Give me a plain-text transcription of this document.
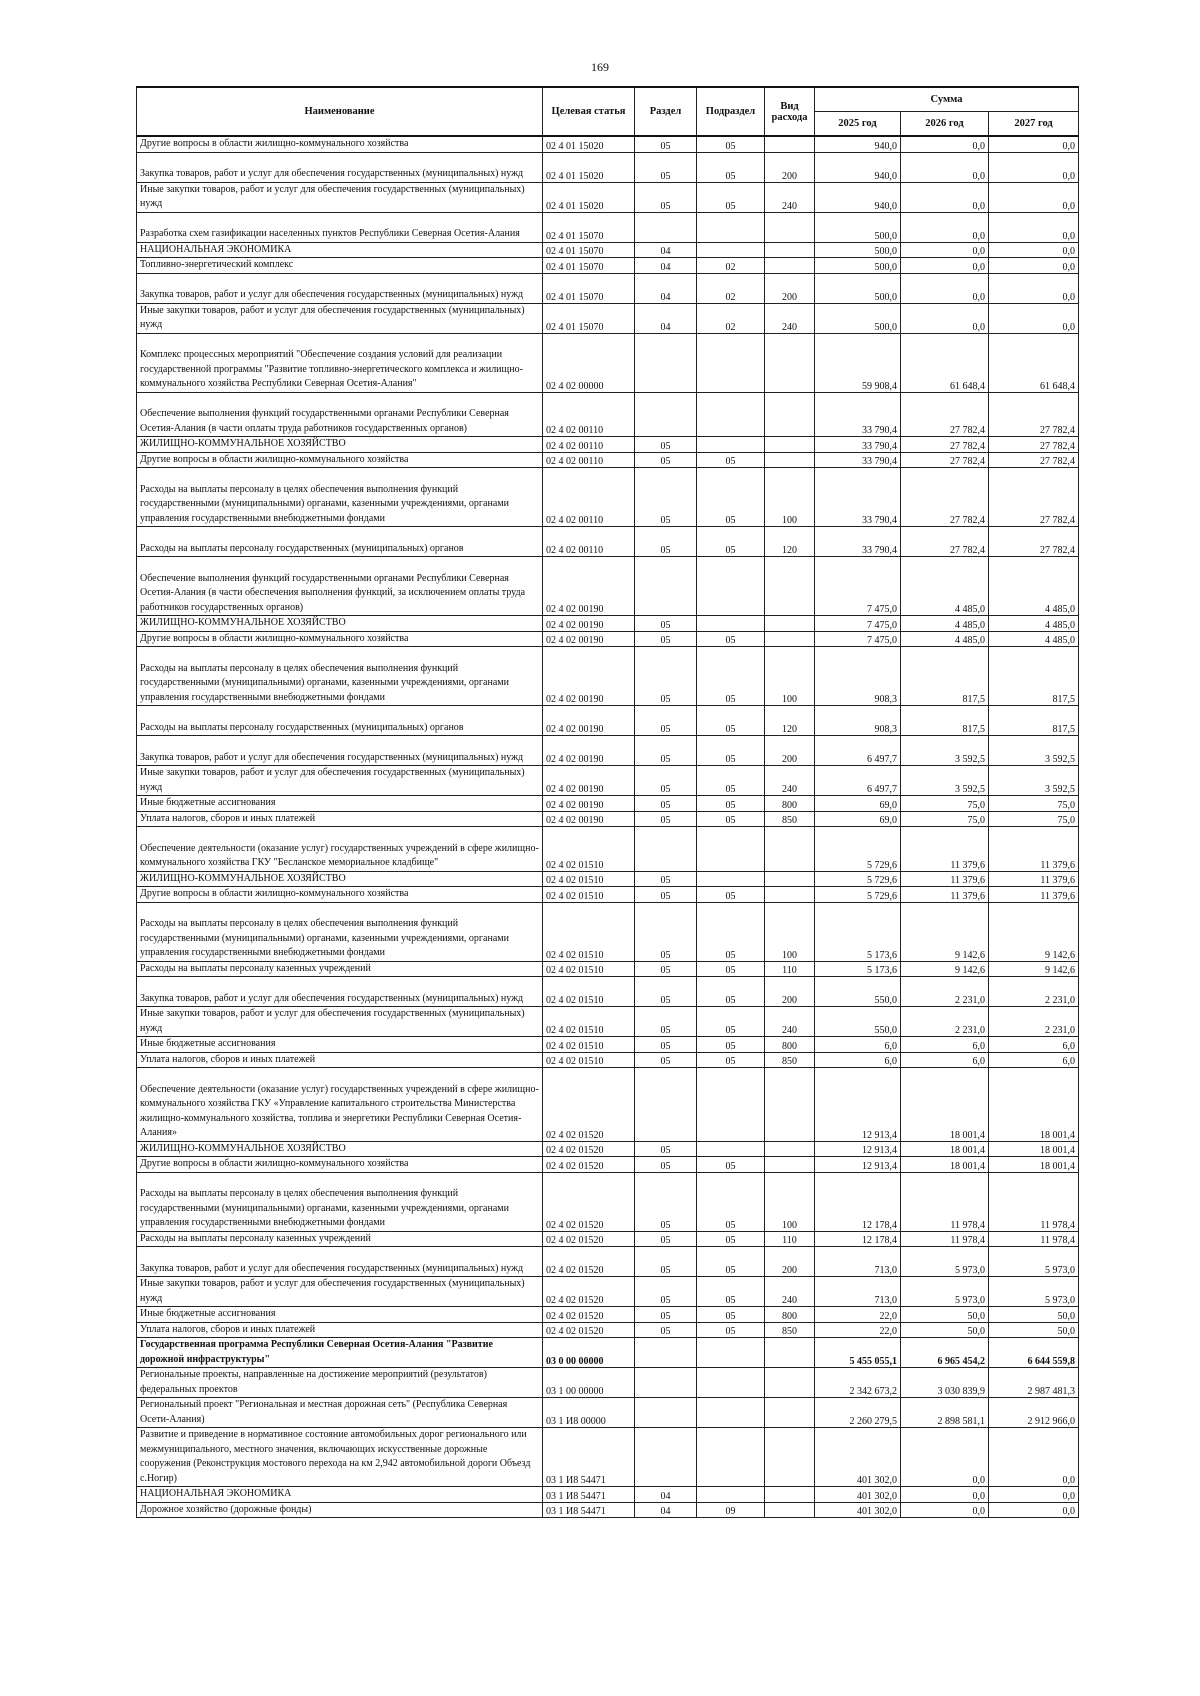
169
Наименование	Целевая статья	Раздел	Подраздел	Вид расхода	Сумма		
					2025 год	2026 год	2027 год
Другие вопросы в области жилищно-коммунального хозяйства	02 4 01 15020	05	05		940,0	0,0	0,0
Закупка товаров, работ и услуг для обеспечения государственных (муниципальных) нужд	02 4 01 15020	05	05	200	940,0	0,0	0,0
Иные закупки товаров, работ и услуг для обеспечения государственных (муниципальных) нужд	02 4 01 15020	05	05	240	940,0	0,0	0,0
Разработка схем газификации населенных пунктов Республики Северная Осетия-Алания	02 4 01 15070				500,0	0,0	0,0
НАЦИОНАЛЬНАЯ ЭКОНОМИКА	02 4 01 15070	04			500,0	0,0	0,0
Топливно-энергетический комплекс	02 4 01 15070	04	02		500,0	0,0	0,0
Закупка товаров, работ и услуг для обеспечения государственных (муниципальных) нужд	02 4 01 15070	04	02	200	500,0	0,0	0,0
Иные закупки товаров, работ и услуг для обеспечения государственных (муниципальных) нужд	02 4 01 15070	04	02	240	500,0	0,0	0,0
Комплекс процессных мероприятий "Обеспечение создания условий для реализации государственной программы "Развитие топливно-энергетического комплекса и жилищно-коммунального хозяйства Республики Северная Осетия-Алания"	02 4 02 00000				59 908,4	61 648,4	61 648,4
Обеспечение выполнения функций государственными органами Республики Северная Осетия-Алания (в части оплаты труда работников государственных органов)	02 4 02 00110				33 790,4	27 782,4	27 782,4
ЖИЛИЩНО-КОММУНАЛЬНОЕ ХОЗЯЙСТВО	02 4 02 00110	05			33 790,4	27 782,4	27 782,4
Другие вопросы в области жилищно-коммунального хозяйства	02 4 02 00110	05	05		33 790,4	27 782,4	27 782,4
Расходы на выплаты персоналу в целях обеспечения выполнения функций государственными (муниципальными) органами, казенными учреждениями, органами управления государственными внебюджетными фондами	02 4 02 00110	05	05	100	33 790,4	27 782,4	27 782,4
Расходы на выплаты персоналу государственных (муниципальных) органов	02 4 02 00110	05	05	120	33 790,4	27 782,4	27 782,4
Обеспечение выполнения функций государственными органами Республики Северная Осетия-Алания (в части обеспечения выполнения функций, за исключением оплаты труда работников государственных органов)	02 4 02 00190				7 475,0	4 485,0	4 485,0
ЖИЛИЩНО-КОММУНАЛЬНОЕ ХОЗЯЙСТВО	02 4 02 00190	05			7 475,0	4 485,0	4 485,0
Другие вопросы в области жилищно-коммунального хозяйства	02 4 02 00190	05	05		7 475,0	4 485,0	4 485,0
Расходы на выплаты персоналу в целях обеспечения выполнения функций государственными (муниципальными) органами, казенными учреждениями, органами управления государственными внебюджетными фондами	02 4 02 00190	05	05	100	908,3	817,5	817,5
Расходы на выплаты персоналу государственных (муниципальных) органов	02 4 02 00190	05	05	120	908,3	817,5	817,5
Закупка товаров, работ и услуг для обеспечения государственных (муниципальных) нужд	02 4 02 00190	05	05	200	6 497,7	3 592,5	3 592,5
Иные закупки товаров, работ и услуг для обеспечения государственных (муниципальных) нужд	02 4 02 00190	05	05	240	6 497,7	3 592,5	3 592,5
Иные бюджетные ассигнования	02 4 02 00190	05	05	800	69,0	75,0	75,0
Уплата налогов, сборов и иных платежей	02 4 02 00190	05	05	850	69,0	75,0	75,0
Обеспечение деятельности (оказание услуг) государственных учреждений в сфере жилищно-коммунального хозяйства ГКУ "Бесланское мемориальное кладбище"	02 4 02 01510				5 729,6	11 379,6	11 379,6
ЖИЛИЩНО-КОММУНАЛЬНОЕ ХОЗЯЙСТВО	02 4 02 01510	05			5 729,6	11 379,6	11 379,6
Другие вопросы в области жилищно-коммунального хозяйства	02 4 02 01510	05	05		5 729,6	11 379,6	11 379,6
Расходы на выплаты персоналу в целях обеспечения выполнения функций государственными (муниципальными) органами, казенными учреждениями, органами управления государственными внебюджетными фондами	02 4 02 01510	05	05	100	5 173,6	9 142,6	9 142,6
Расходы на выплаты персоналу казенных учреждений	02 4 02 01510	05	05	110	5 173,6	9 142,6	9 142,6
Закупка товаров, работ и услуг для обеспечения государственных (муниципальных) нужд	02 4 02 01510	05	05	200	550,0	2 231,0	2 231,0
Иные закупки товаров, работ и услуг для обеспечения государственных (муниципальных) нужд	02 4 02 01510	05	05	240	550,0	2 231,0	2 231,0
Иные бюджетные ассигнования	02 4 02 01510	05	05	800	6,0	6,0	6,0
Уплата налогов, сборов и иных платежей	02 4 02 01510	05	05	850	6,0	6,0	6,0
Обеспечение деятельности (оказание услуг) государственных учреждений в сфере жилищно-коммунального хозяйства ГКУ «Управление капитального строительства Министерства жилищно-коммунального хозяйства, топлива и энергетики Республики Северная Осетия-Алания»	02 4 02 01520				12 913,4	18 001,4	18 001,4
ЖИЛИЩНО-КОММУНАЛЬНОЕ ХОЗЯЙСТВО	02 4 02 01520	05			12 913,4	18 001,4	18 001,4
Другие вопросы в области жилищно-коммунального хозяйства	02 4 02 01520	05	05		12 913,4	18 001,4	18 001,4
Расходы на выплаты персоналу в целях обеспечения выполнения функций государственными (муниципальными) органами, казенными учреждениями, органами управления государственными внебюджетными фондами	02 4 02 01520	05	05	100	12 178,4	11 978,4	11 978,4
Расходы на выплаты персоналу казенных учреждений	02 4 02 01520	05	05	110	12 178,4	11 978,4	11 978,4
Закупка товаров, работ и услуг для обеспечения государственных (муниципальных) нужд	02 4 02 01520	05	05	200	713,0	5 973,0	5 973,0
Иные закупки товаров, работ и услуг для обеспечения государственных (муниципальных) нужд	02 4 02 01520	05	05	240	713,0	5 973,0	5 973,0
Иные бюджетные ассигнования	02 4 02 01520	05	05	800	22,0	50,0	50,0
Уплата налогов, сборов и иных платежей	02 4 02 01520	05	05	850	22,0	50,0	50,0
Государственная программа Республики Северная Осетия-Алания "Развитие дорожной инфраструктуры"	03 0 00 00000				5 455 055,1	6 965 454,2	6 644 559,8
Региональные проекты, направленные на достижение мероприятий (результатов) федеральных проектов	03 1 00 00000				2 342 673,2	3 030 839,9	2 987 481,3
Региональный проект "Региональная и местная дорожная сеть" (Республика Северная Осети-Алания)	03 1 И8 00000				2 260 279,5	2 898 581,1	2 912 966,0
Развитие и приведение в нормативное состояние автомобильных дорог регионального или межмуниципального, местного значения, включающих искусственные дорожные сооружения (Реконструкция мостового перехода на км 2,942 автомобильной дороги Объезд с.Ногир)	03 1 И8 54471				401 302,0	0,0	0,0
НАЦИОНАЛЬНАЯ ЭКОНОМИКА	03 1 И8 54471	04			401 302,0	0,0	0,0
Дорожное хозяйство (дорожные фонды)	03 1 И8 54471	04	09		401 302,0	0,0	0,0
